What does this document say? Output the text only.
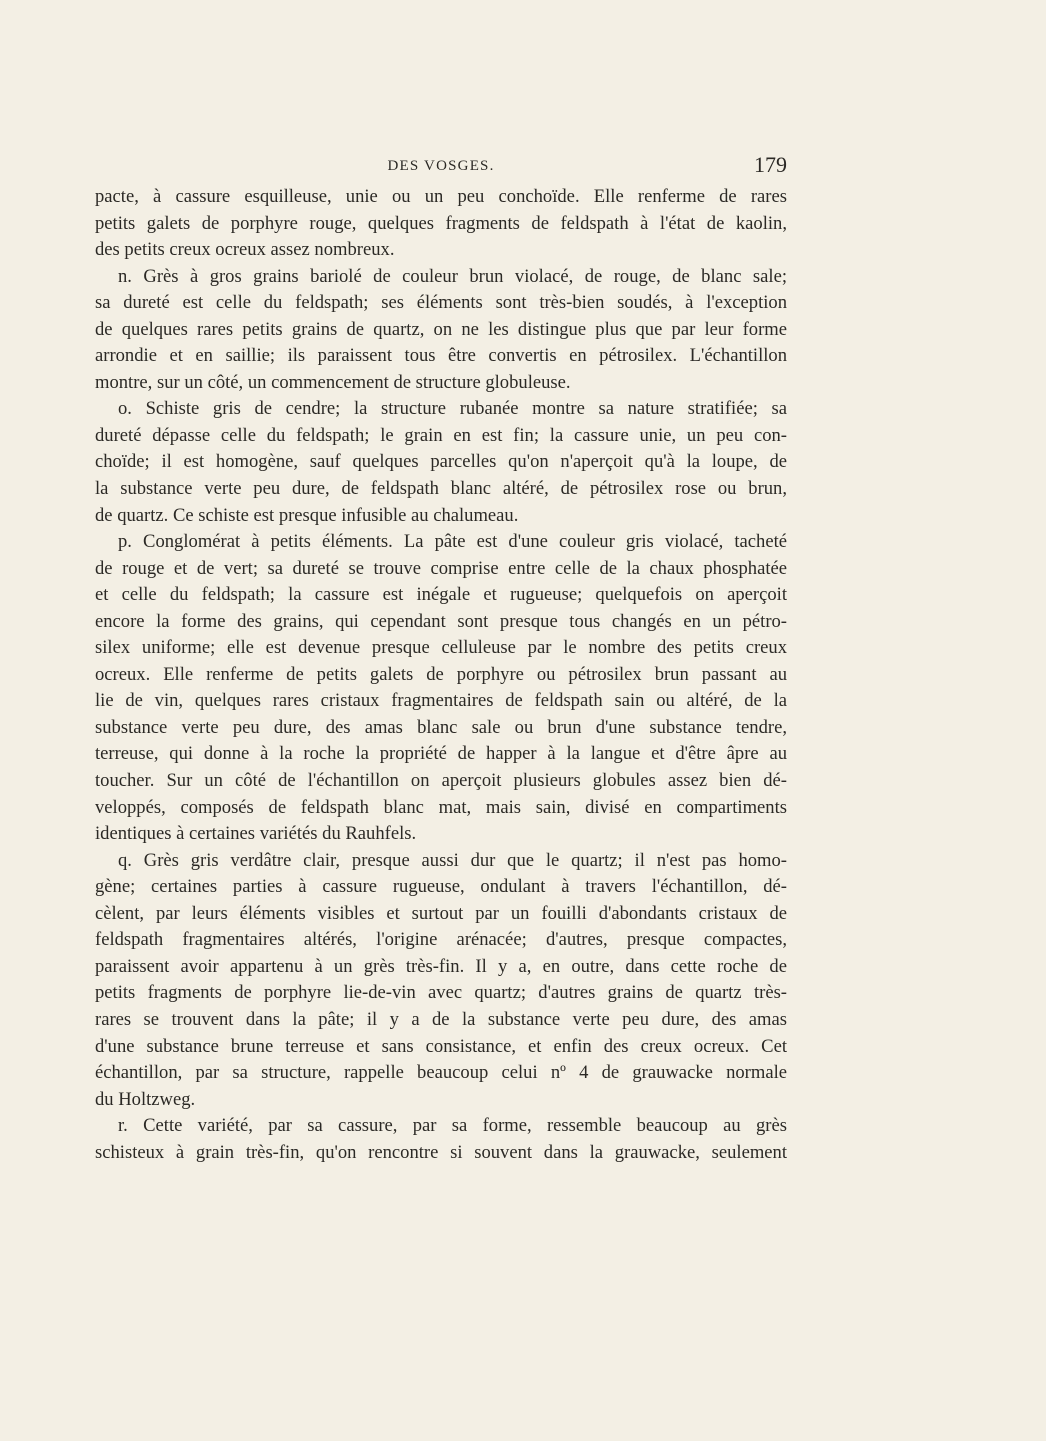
DES VOSGES.	179
pacte, à cassure esquilleuse, unie ou un peu conchoïde. Elle renferme de rares
petits galets de porphyre rouge, quelques fragments de feldspath à l'état de kaolin,
des petits creux ocreux assez nombreux.
n. Grès à gros grains bariolé de couleur brun violacé, de rouge, de blanc sale;
sa dureté est celle du feldspath; ses éléments sont très-bien soudés, à l'exception
de quelques rares petits grains de quartz, on ne les distingue plus que par leur forme
arrondie et en saillie; ils paraissent tous être convertis en pétrosilex. L'échantillon
montre, sur un côté, un commencement de structure globuleuse.
o. Schiste gris de cendre; la structure rubanée montre sa nature stratifiée; sa
dureté dépasse celle du feldspath; le grain en est fin; la cassure unie, un peu con-
choïde; il est homogène, sauf quelques parcelles qu'on n'aperçoit qu'à la loupe, de
la substance verte peu dure, de feldspath blanc altéré, de pétrosilex rose ou brun,
de quartz. Ce schiste est presque infusible au chalumeau.
p. Conglomérat à petits éléments. La pâte est d'une couleur gris violacé, tacheté
de rouge et de vert; sa dureté se trouve comprise entre celle de la chaux phosphatée
et celle du feldspath; la cassure est inégale et rugueuse; quelquefois on aperçoit
encore la forme des grains, qui cependant sont presque tous changés en un pétro-
silex uniforme; elle est devenue presque celluleuse par le nombre des petits creux
ocreux. Elle renferme de petits galets de porphyre ou pétrosilex brun passant au
lie de vin, quelques rares cristaux fragmentaires de feldspath sain ou altéré, de la
substance verte peu dure, des amas blanc sale ou brun d'une substance tendre,
terreuse, qui donne à la roche la propriété de happer à la langue et d'être âpre au
toucher. Sur un côté de l'échantillon on aperçoit plusieurs globules assez bien dé-
veloppés, composés de feldspath blanc mat, mais sain, divisé en compartiments
identiques à certaines variétés du Rauhfels.
q. Grès gris verdâtre clair, presque aussi dur que le quartz; il n'est pas homo-
gène; certaines parties à cassure rugueuse, ondulant à travers l'échantillon, dé-
cèlent, par leurs éléments visibles et surtout par un fouilli d'abondants cristaux de
feldspath fragmentaires altérés, l'origine arénacée; d'autres, presque compactes,
paraissent avoir appartenu à un grès très-fin. Il y a, en outre, dans cette roche de
petits fragments de porphyre lie-de-vin avec quartz; d'autres grains de quartz très-
rares se trouvent dans la pâte; il y a de la substance verte peu dure, des amas
d'une substance brune terreuse et sans consistance, et enfin des creux ocreux. Cet
échantillon, par sa structure, rappelle beaucoup celui nº 4 de grauwacke normale
du Holtzweg.
r. Cette variété, par sa cassure, par sa forme, ressemble beaucoup au grès
schisteux à grain très-fin, qu'on rencontre si souvent dans la grauwacke, seulement
